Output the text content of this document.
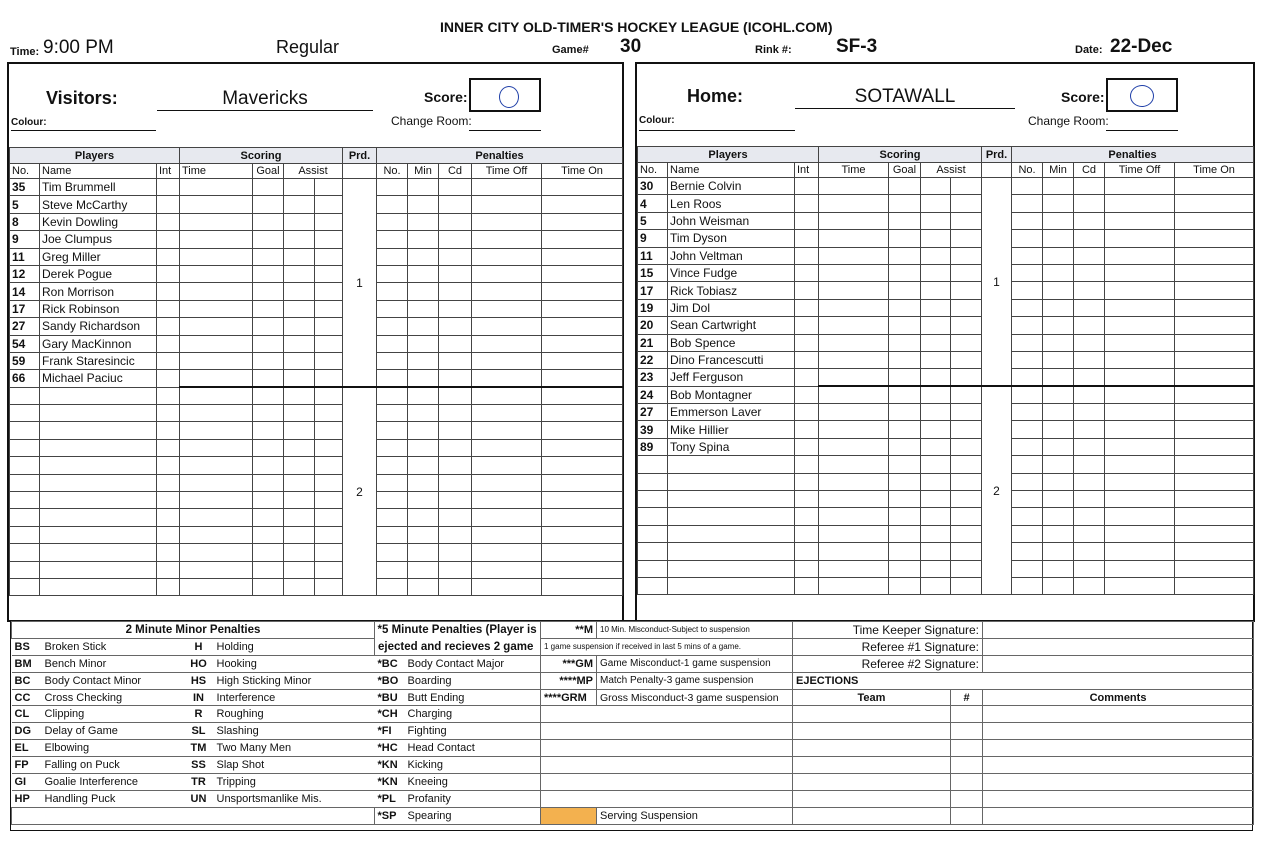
INNER CITY OLD-TIMER'S HOCKEY LEAGUE (ICOHL.COM)
Time: 9:00 PM	Regular	Game# 30	Rink #: SF-3	Date: 22-Dec
Visitors:	Mavericks	Score:
Colour:	Change Room:
Players			Scoring				Prd.	Penalties				
No.	Name	Int	Time	Goal	Assist			No.	Min	Cd	Time Off	Time On
35	Tim Brummell						1					
5	Steve McCarthy											
8	Kevin Dowling											
9	Joe Clumpus											
11	Greg Miller											
12	Derek Pogue											
14	Ron Morrison											
17	Rick Robinson											
27	Sandy Richardson											
54	Gary MacKinnon											
59	Frank Staresincic											
66	Michael Paciuc											
							2					

Home:	SOTAWALL	Score:
Colour:	Change Room:
Players			Scoring				Prd.	Penalties				
No.	Name	Int	Time	Goal	Assist			No.	Min	Cd	Time Off	Time On
30	Bernie Colvin						1					
4	Len Roos											
5	John Weisman											
9	Tim Dyson											
11	John Veltman											
15	Vince Fudge											
17	Rick Tobiasz											
19	Jim Dol											
20	Sean Cartwright											
21	Bob Spence											
22	Dino Francescutti											
23	Jeff Ferguson											
24	Bob Montagner						2					
27	Emmerson Laver											
39	Mike Hillier											
89	Tony Spina											

2 Minute Minor Penalties			
BS	Broken Stick	H	Holding
BM	Bench Minor	HO	Hooking
BC	Body Contact Minor	HS	High Sticking Minor
CC	Cross Checking	IN	Interference
CL	Clipping	R	Roughing
DG	Delay of Game	SL	Slashing
EL	Elbowing	TM	Two Many Men
FP	Falling on Puck	SS	Slap Shot
GI	Goalie Interference	TR	Tripping
HP	Handling Puck	UN	Unsportsmanlike Mis.

*5 Minute Penalties (Player is	
ejected and recieves 2 game	
*BC	Body Contact Major
*BO	Boarding
*BU	Butt Ending
*CH	Charging
*FI	Fighting
*HC	Head Contact
*KN	Kicking
*KN	Kneeing
*PL	Profanity
*SP	Spearing
**M	10 Min. Misconduct-Subject to suspension
1 game suspension if received in last 5 mins of a game.	
***GM	Game Misconduct-1 game suspension
****MP	Match Penalty-3 game suspension
****GRM	Gross Misconduct-3 game suspension

	Serving Suspension
Time Keeper Signature:		
Referee #1 Signature:		
Referee #2 Signature:		
EJECTIONS		
Team	#	Comments
